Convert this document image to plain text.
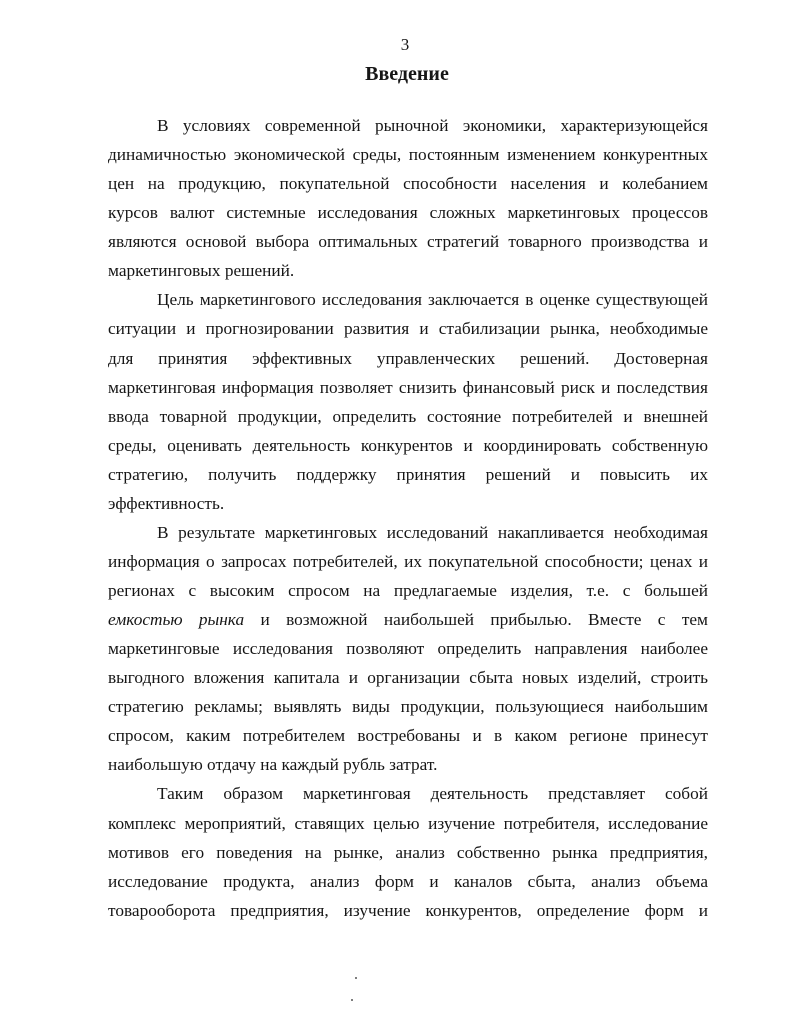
3
Введение
В условиях современной рыночной экономики, характеризующейся
динамичностью экономической среды, постоянным изменением конкурентных
цен на продукцию, покупательной способности населения и колебанием
курсов валют системные исследования сложных маркетинговых процессов
являются основой выбора оптимальных стратегий товарного производства и
маркетинговых решений.
Цель маркетингового исследования заключается в оценке существующей
ситуации и прогнозировании развития и стабилизации рынка, необходимые
для принятия эффективных управленческих решений. Достоверная
маркетинговая информация позволяет снизить финансовый риск и последствия
ввода товарной продукции, определить состояние потребителей и внешней
среды, оценивать деятельность конкурентов и координировать собственную
стратегию, получить поддержку принятия решений и повысить их
эффективность.
В результате маркетинговых исследований накапливается необходимая
информация о запросах потребителей, их покупательной способности; ценах и
регионах с высоким спросом на предлагаемые изделия, т.е. с большей
емкостью рынка и возможной наибольшей прибылью. Вместе с тем
маркетинговые исследования позволяют определить направления наиболее
выгодного вложения капитала и организации сбыта новых изделий, строить
стратегию рекламы; выявлять виды продукции, пользующиеся наибольшим
спросом, каким потребителем востребованы и в каком регионе принесут
наибольшую отдачу на каждый рубль затрат.
Таким образом маркетинговая деятельность представляет собой
комплекс мероприятий, ставящих целью изучение потребителя, исследование
мотивов его поведения на рынке, анализ собственно рынка предприятия,
исследование продукта, анализ форм и каналов сбыта, анализ объема
товарооборота предприятия, изучение конкурентов, определение форм и
